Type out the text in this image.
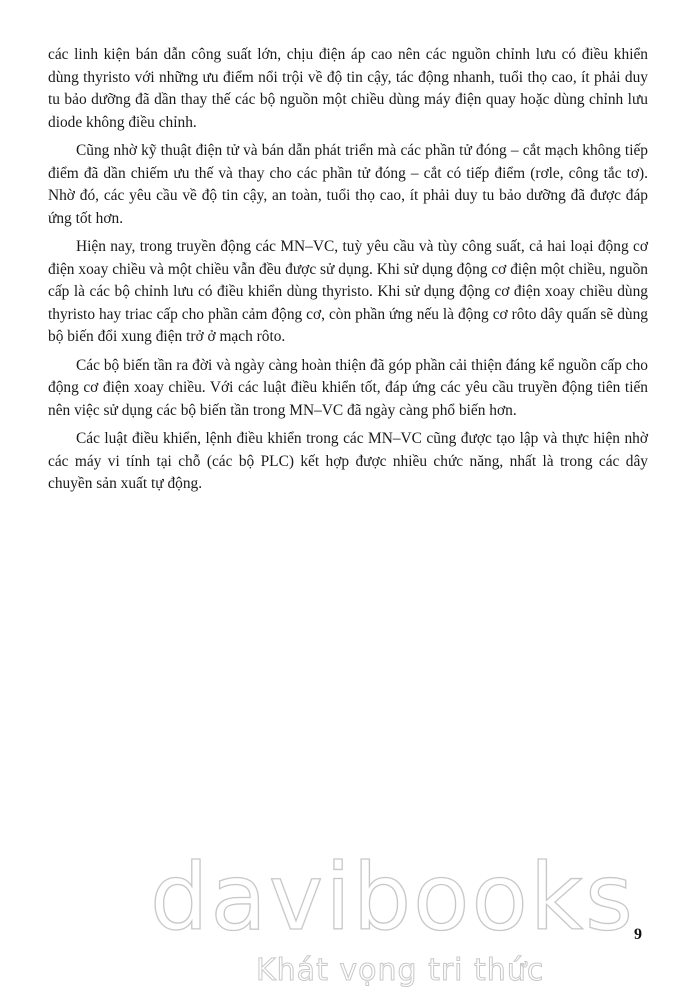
các linh kiện bán dẫn công suất lớn, chịu điện áp cao nên các nguồn chỉnh lưu có điều khiển dùng thyristo với những ưu điểm nổi trội về độ tin cậy, tác động nhanh, tuổi thọ cao, ít phải duy tu bảo dưỡng đã dần thay thế các bộ nguồn một chiều dùng máy điện quay hoặc dùng chỉnh lưu diode không điều chỉnh.

Cũng nhờ kỹ thuật điện tử và bán dẫn phát triển mà các phần tử đóng – cắt mạch không tiếp điểm đã dần chiếm ưu thế và thay cho các phần tử đóng – cắt có tiếp điểm (rơle, công tắc tơ). Nhờ đó, các yêu cầu về độ tin cậy, an toàn, tuổi thọ cao, ít phải duy tu bảo dưỡng đã được đáp ứng tốt hơn.

Hiện nay, trong truyền động các MN–VC, tuỳ yêu cầu và tùy công suất, cả hai loại động cơ điện xoay chiều và một chiều vẫn đều được sử dụng. Khi sử dụng động cơ điện một chiều, nguồn cấp là các bộ chỉnh lưu có điều khiển dùng thyristo. Khi sử dụng động cơ điện xoay chiều dùng thyristo hay triac cấp cho phần cảm động cơ, còn phần ứng nếu là động cơ rôto dây quấn sẽ dùng bộ biến đổi xung điện trở ở mạch rôto.

Các bộ biến tần ra đời và ngày càng hoàn thiện đã góp phần cải thiện đáng kể nguồn cấp cho động cơ điện xoay chiều. Với các luật điều khiển tốt, đáp ứng các yêu cầu truyền động tiên tiến nên việc sử dụng các bộ biến tần trong MN–VC đã ngày càng phổ biến hơn.

Các luật điều khiển, lệnh điều khiển trong các MN–VC cũng được tạo lập và thực hiện nhờ các máy vi tính tại chỗ (các bộ PLC) kết hợp được nhiều chức năng, nhất là trong các dây chuyền sản xuất tự động.

davibooks
Khát vọng tri thức
9
